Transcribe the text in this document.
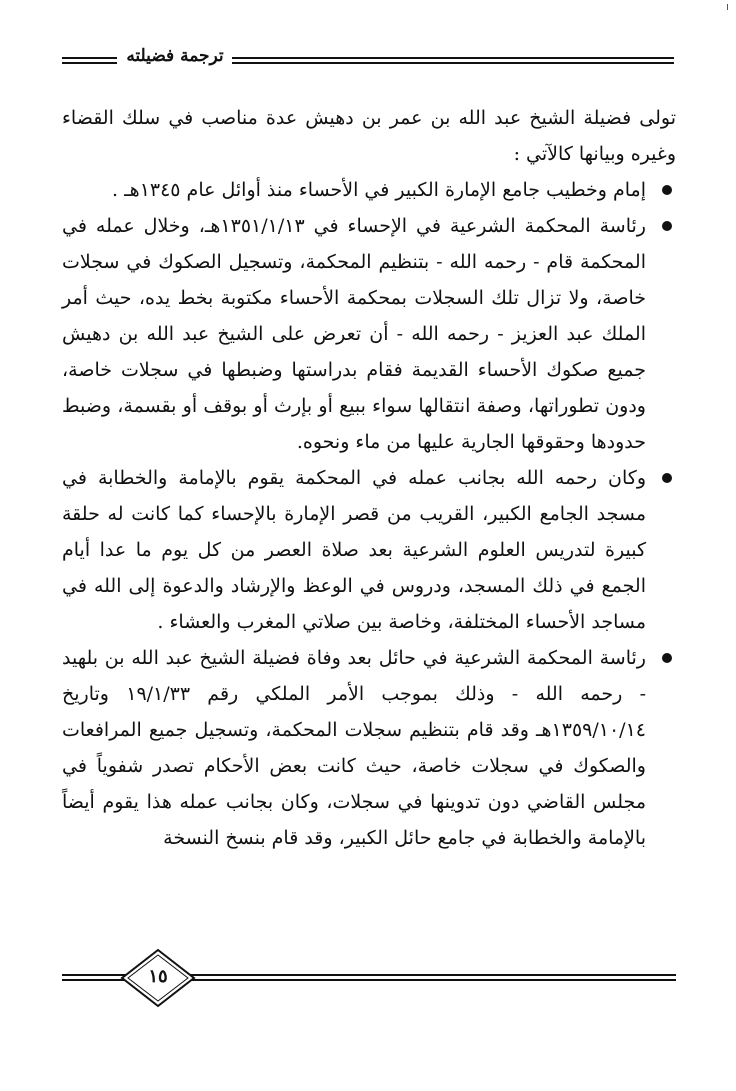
ترجمة فضيلته

تولى فضيلة الشيخ عبد الله بن عمر بن دهيش عدة مناصب في سلك القضاء وغيره وبيانها كالآتي :

إمام وخطيب جامع الإمارة الكبير في الأحساء منذ أوائل عام ١٣٤٥هـ .
رئاسة المحكمة الشرعية في الإحساء في ١٣٥١/١/١٣هـ، وخلال عمله في المحكمة قام - رحمه الله - بتنظيم المحكمة، وتسجيل الصكوك في سجلات خاصة، ولا تزال تلك السجلات بمحكمة الأحساء مكتوبة بخط يده، حيث أمر الملك عبد العزيز - رحمه الله - أن تعرض على الشيخ عبد الله بن دهيش جميع صكوك الأحساء القديمة فقام بدراستها وضبطها في سجلات خاصة، ودون تطوراتها، وصفة انتقالها سواء ببيع أو بإرث أو بوقف أو بقسمة، وضبط حدودها وحقوقها الجارية عليها من ماء ونحوه.
وكان رحمه الله بجانب عمله في المحكمة يقوم بالإمامة والخطابة في مسجد الجامع الكبير، القريب من قصر الإمارة بالإحساء كما كانت له حلقة كبيرة لتدريس العلوم الشرعية بعد صلاة العصر من كل يوم ما عدا أيام الجمع في ذلك المسجد، ودروس في الوعظ والإرشاد والدعوة إلى الله في مساجد الأحساء المختلفة، وخاصة بين صلاتي المغرب والعشاء .
رئاسة المحكمة الشرعية في حائل بعد وفاة فضيلة الشيخ عبد الله بن بلهيد - رحمه الله - وذلك بموجب الأمر الملكي رقم ١٩/١/٣٣ وتاريخ ١٣٥٩/١٠/١٤هـ وقد قام بتنظيم سجلات المحكمة، وتسجيل جميع المرافعات والصكوك في سجلات خاصة، حيث كانت بعض الأحكام تصدر شفوياً في مجلس القاضي دون تدوينها في سجلات، وكان بجانب عمله هذا يقوم أيضاً بالإمامة والخطابة في جامع حائل الكبير، وقد قام بنسخ النسخة
١٥
